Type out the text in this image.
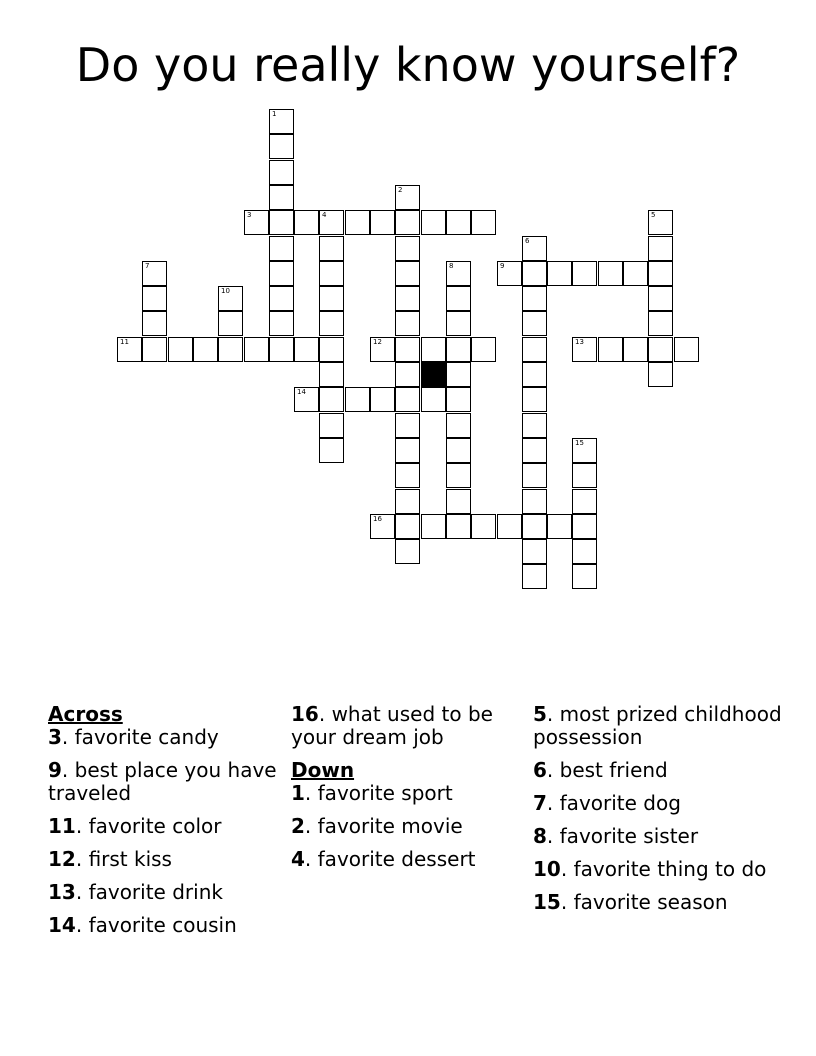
Do you really know yourself?
3	4
9
11	12	13
14
16
1
2
5
6
7	8
10
15
Across
3. favorite candy
9. best place you have traveled
11. favorite color
12. first kiss
13. favorite drink
14. favorite cousin
16. what used to be your dream job
Down
1. favorite sport
2. favorite movie
4. favorite dessert
5. most prized childhood possession
6. best friend
7. favorite dog
8. favorite sister
10. favorite thing to do
15. favorite season
